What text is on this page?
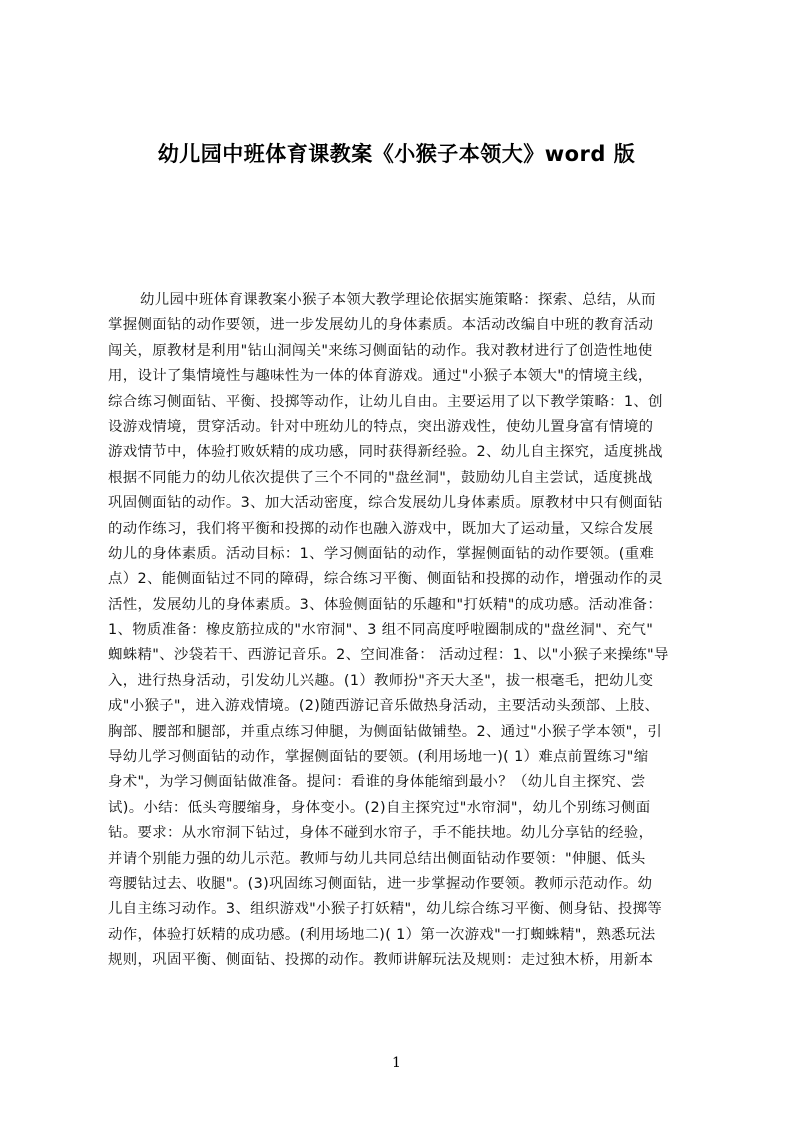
幼儿园中班体育课教案《小猴子本领大》word 版
幼儿园中班体育课教案小猴子本领大教学理论依据实施策略：探索、总结，从而
掌握侧面钻的动作要领，进一步发展幼儿的身体素质。本活动改编自中班的教育活动
闯关，原教材是利用"钻山洞闯关"来练习侧面钻的动作。我对教材进行了创造性地使
用，设计了集情境性与趣味性为一体的体育游戏。通过"小猴子本领大"的情境主线，
综合练习侧面钻、平衡、投掷等动作，让幼儿自由。主要运用了以下教学策略：1、创
设游戏情境，贯穿活动。针对中班幼儿的特点，突出游戏性，使幼儿置身富有情境的
游戏情节中，体验打败妖精的成功感，同时获得新经验。2、幼儿自主探究，适度挑战
根据不同能力的幼儿依次提供了三个不同的"盘丝洞"，鼓励幼儿自主尝试，适度挑战
巩固侧面钻的动作。3、加大活动密度，综合发展幼儿身体素质。原教材中只有侧面钻
的动作练习，我们将平衡和投掷的动作也融入游戏中，既加大了运动量，又综合发展
幼儿的身体素质。活动目标：1、学习侧面钻的动作，掌握侧面钻的动作要领。(重难
点）2、能侧面钻过不同的障碍，综合练习平衡、侧面钻和投掷的动作，增强动作的灵
活性，发展幼儿的身体素质。3、体验侧面钻的乐趣和"打妖精"的成功感。活动准备：
1、物质准备：橡皮筋拉成的"水帘洞"、3 组不同高度呼啦圈制成的"盘丝洞"、充气"
蜘蛛精"、沙袋若干、西游记音乐。2、空间准备： 活动过程：1、以"小猴子来操练"导
入，进行热身活动，引发幼儿兴趣。(1）教师扮"齐天大圣"，拔一根毫毛，把幼儿变
成"小猴子"，进入游戏情境。(2)随西游记音乐做热身活动，主要活动头颈部、上肢、
胸部、腰部和腿部，并重点练习伸腿，为侧面钻做铺垫。2、通过"小猴子学本领"，引
导幼儿学习侧面钻的动作，掌握侧面钻的要领。(利用场地一)( 1）难点前置练习"缩
身术"，为学习侧面钻做准备。提问：看谁的身体能缩到最小？（幼儿自主探究、尝
试)。小结：低头弯腰缩身，身体变小。(2)自主探究过"水帘洞"，幼儿个别练习侧面
钻。要求：从水帘洞下钻过，身体不碰到水帘子，手不能扶地。幼儿分享钻的经验，
并请个别能力强的幼儿示范。教师与幼儿共同总结出侧面钻动作要领："伸腿、低头
弯腰钻过去、收腿"。(3)巩固练习侧面钻，进一步掌握动作要领。教师示范动作。幼
儿自主练习动作。3、组织游戏"小猴子打妖精"，幼儿综合练习平衡、侧身钻、投掷等
动作，体验打妖精的成功感。(利用场地二)( 1）第一次游戏"一打蜘蛛精"，熟悉玩法
规则，巩固平衡、侧面钻、投掷的动作。教师讲解玩法及规则：走过独木桥，用新本
1
